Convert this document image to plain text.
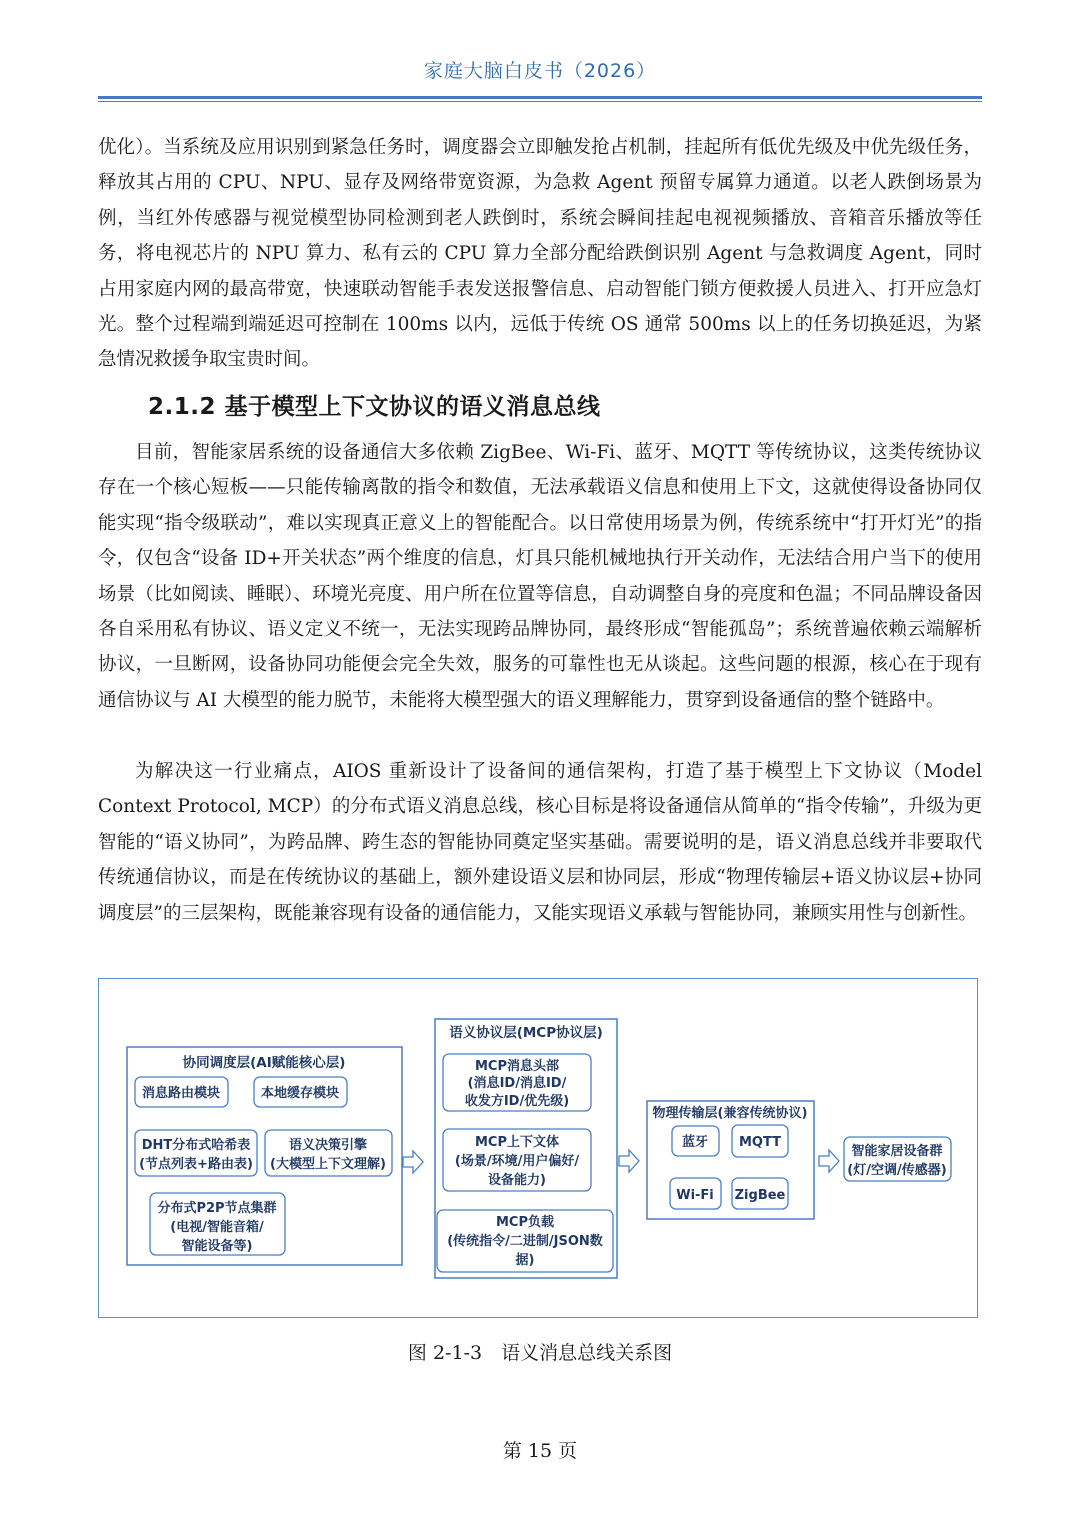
家庭大脑白皮书（2026）

优化）。当系统及应用识别到紧急任务时，调度器会立即触发抢占机制，挂起所有低优先级及中优先级任务，释放其占用的 CPU、NPU、显存及网络带宽资源，为急救 Agent 预留专属算力通道。以老人跌倒场景为例，当红外传感器与视觉模型协同检测到老人跌倒时，系统会瞬间挂起电视视频播放、音箱音乐播放等任务，将电视芯片的 NPU 算力、私有云的 CPU 算力全部分配给跌倒识别 Agent 与急救调度 Agent，同时占用家庭内网的最高带宽，快速联动智能手表发送报警信息、启动智能门锁方便救援人员进入、打开应急灯光。整个过程端到端延迟可控制在 100ms 以内，远低于传统 OS 通常 500ms 以上的任务切换延迟，为紧急情况救援争取宝贵时间。

2.1.2 基于模型上下文协议的语义消息总线

目前，智能家居系统的设备通信大多依赖 ZigBee、Wi-Fi、蓝牙、MQTT 等传统协议，这类传统协议存在一个核心短板——只能传输离散的指令和数值，无法承载语义信息和使用上下文，这就使得设备协同仅能实现“指令级联动”，难以实现真正意义上的智能配合。以日常使用场景为例，传统系统中“打开灯光”的指令，仅包含“设备 ID+开关状态”两个维度的信息，灯具只能机械地执行开关动作，无法结合用户当下的使用场景（比如阅读、睡眠）、环境光亮度、用户所在位置等信息，自动调整自身的亮度和色温；不同品牌设备因各自采用私有协议、语义定义不统一，无法实现跨品牌协同，最终形成“智能孤岛”；系统普遍依赖云端解析协议，一旦断网，设备协同功能便会完全失效，服务的可靠性也无从谈起。这些问题的根源，核心在于现有通信协议与 AI 大模型的能力脱节，未能将大模型强大的语义理解能力，贯穿到设备通信的整个链路中。

为解决这一行业痛点，AIOS 重新设计了设备间的通信架构，打造了基于模型上下文协议（Model Context Protocol, MCP）的分布式语义消息总线，核心目标是将设备通信从简单的“指令传输”，升级为更智能的“语义协同”，为跨品牌、跨生态的智能协同奠定坚实基础。需要说明的是，语义消息总线并非要取代传统通信协议，而是在传统协议的基础上，额外建设语义层和协同层，形成“物理传输层+语义协议层+协同调度层”的三层架构，既能兼容现有设备的通信能力，又能实现语义承载与智能协同，兼顾实用性与创新性。

协同调度层(AI赋能核心层)
消息路由模块	本地缓存模块
DHT分布式哈希表
(节点列表+路由表)
语义决策引擎
(大模型上下文理解)
分布式P2P节点集群
(电视/智能音箱/
智能设备等)
语义协议层(MCP协议层)
MCP消息头部
(消息ID/消息ID/
收发方ID/优先级)
MCP上下文体
(场景/环境/用户偏好/
设备能力)
MCP负载
(传统指令/二进制/JSON数
据)
物理传输层(兼容传统协议)
蓝牙 MQTT
Wi-Fi ZigBee
智能家居设备群
(灯/空调/传感器)
图 2-1-3　语义消息总线关系图
第 15 页
